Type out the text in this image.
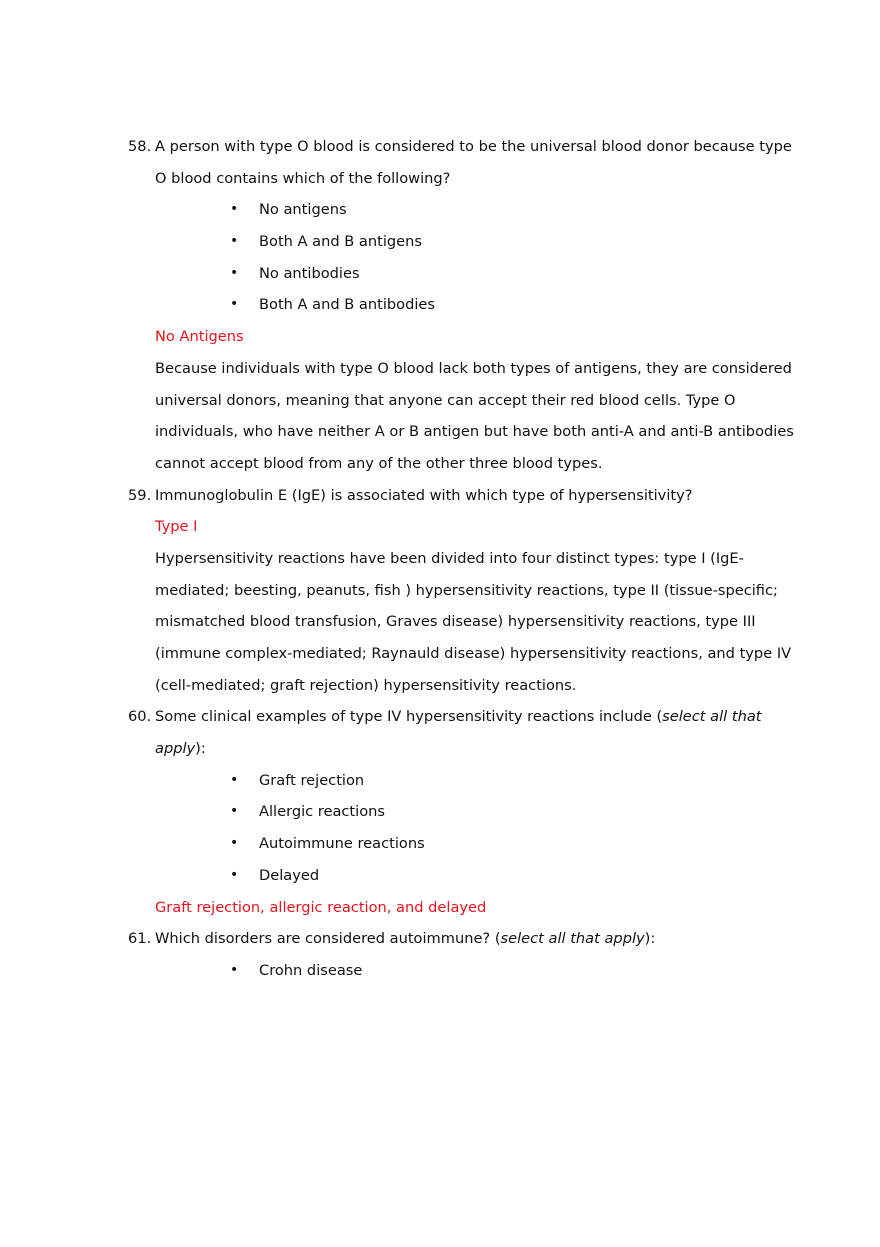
58. A person with type O blood is considered to be the universal blood donor because type
O blood contains which of the following?
• No antigens
• Both A and B antigens
• No antibodies
• Both A and B antibodies
No Antigens
Because individuals with type O blood lack both types of antigens, they are considered
universal donors, meaning that anyone can accept their red blood cells. Type O
individuals, who have neither A or B antigen but have both anti-A and anti-B antibodies
cannot accept blood from any of the other three blood types.
59. Immunoglobulin E (IgE) is associated with which type of hypersensitivity?
Type I
Hypersensitivity reactions have been divided into four distinct types: type I (IgE-
mediated; beesting, peanuts, fish ) hypersensitivity reactions, type II (tissue-specific;
mismatched blood transfusion, Graves disease) hypersensitivity reactions, type III
(immune complex-mediated; Raynauld disease) hypersensitivity reactions, and type IV
(cell-mediated; graft rejection) hypersensitivity reactions.
60. Some clinical examples of type IV hypersensitivity reactions include (select all that
apply):
• Graft rejection
• Allergic reactions
• Autoimmune reactions
• Delayed
Graft rejection, allergic reaction, and delayed
61. Which disorders are considered autoimmune? (select all that apply):
• Crohn disease
